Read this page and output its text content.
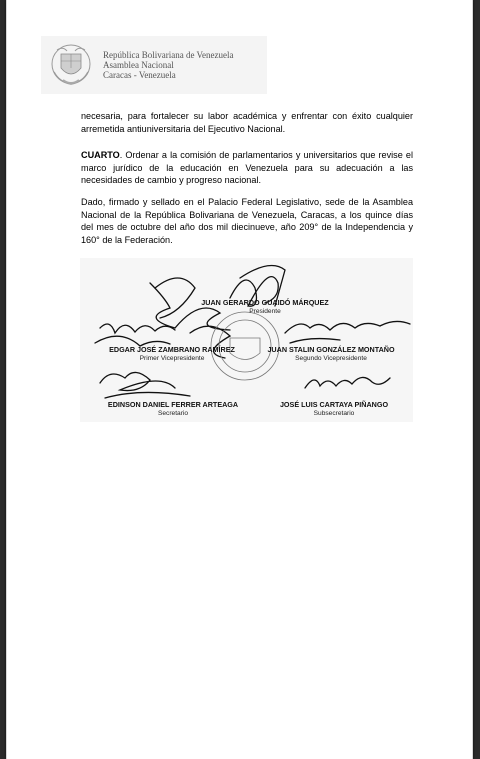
República Bolivariana de Venezuela
Asamblea Nacional
Caracas - Venezuela

necesaria, para fortalecer su labor académica y enfrentar con éxito cualquier arremetida antiuniversitaria del Ejecutivo Nacional.

CUARTO. Ordenar a la comisión de parlamentarios y universitarios que revise el marco jurídico de la educación en Venezuela para su adecuación a las necesidades de cambio y progreso nacional.

Dado, firmado y sellado en el Palacio Federal Legislativo, sede de la Asamblea Nacional de la República Bolivariana de Venezuela, Caracas, a los quince días del mes de octubre del año dos mil diecinueve, año 209° de la Independencia y 160° de la Federación.

JUAN GERARDO GUAIDÓ MÁRQUEZ
Presidente
EDGAR JOSÉ ZAMBRANO RAMÍREZ
Primer Vicepresidente
JUAN STALIN GONZÁLEZ MONTAÑO
Segundo Vicepresidente
EDINSON DANIEL FERRER ARTEAGA
Secretario
JOSÉ LUIS CARTAYA PIÑANGO
Subsecretario
